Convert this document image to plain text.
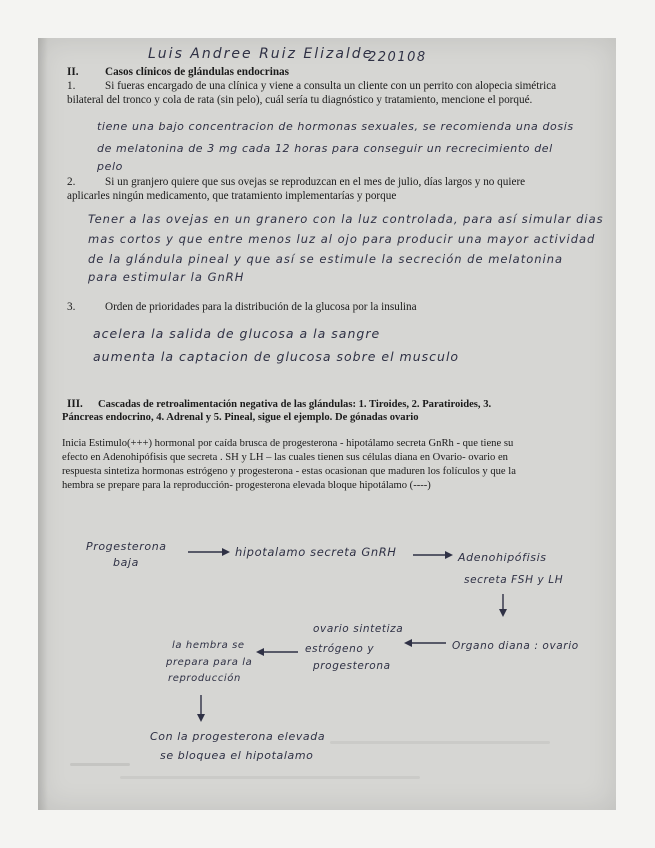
Luis Andree Ruiz Elizalde
220108
II. Casos clínicos de glándulas endocrinas
1.	Si fueras encargado de una clínica y viene a consulta un cliente con un perrito con alopecia simétrica
bilateral del tronco y cola de rata (sin pelo), cuál sería tu diagnóstico y tratamiento, mencione el porqué.
tiene una bajo concentracion de hormonas sexuales, se recomienda una dosis
de melatonina de 3 mg cada 12 horas para conseguir un recrecimiento del
pelo
2.	Si un granjero quiere que sus ovejas se reproduzcan en el mes de julio, días largos y no quiere
aplicarles ningún medicamento, que tratamiento implementarías y porque
Tener a las ovejas en un granero con la luz controlada, para así simular dias
mas cortos y que entre menos luz al ojo para producir una mayor actividad
de la glándula pineal y que así se estimule la secreción de melatonina
para estimular la GnRH
3.	Orden de prioridades para la distribución de la glucosa por la insulina
acelera la salida de glucosa a la sangre
aumenta la captacion de glucosa sobre el musculo
III. Cascadas de retroalimentación negativa de las glándulas: 1. Tiroides, 2. Paratiroides, 3.
Páncreas endocrino, 4. Adrenal y 5. Pineal, sigue el ejemplo. De gónadas ovario
Inicia Estimulo(+++) hormonal por caída brusca de progesterona - hipotálamo secreta GnRh - que tiene su
efecto en Adenohipófisis que secreta . SH y LH – las cuales tienen sus células diana en Ovario- ovario en
respuesta sintetiza hormonas estrógeno y progesterona - estas ocasionan que maduren los folículos y que la
hembra se prepare para la reproducción- progesterona elevada bloque hipotálamo (----)
Progesterona
baja
hipotalamo secreta GnRH	Adenohipófisis
secreta FSH y LH
Organo diana : ovario
ovario sintetiza
estrógeno y
progesterona
la hembra se
prepara para la
reproducción
Con la progesterona elevada
se bloquea el hipotalamo
